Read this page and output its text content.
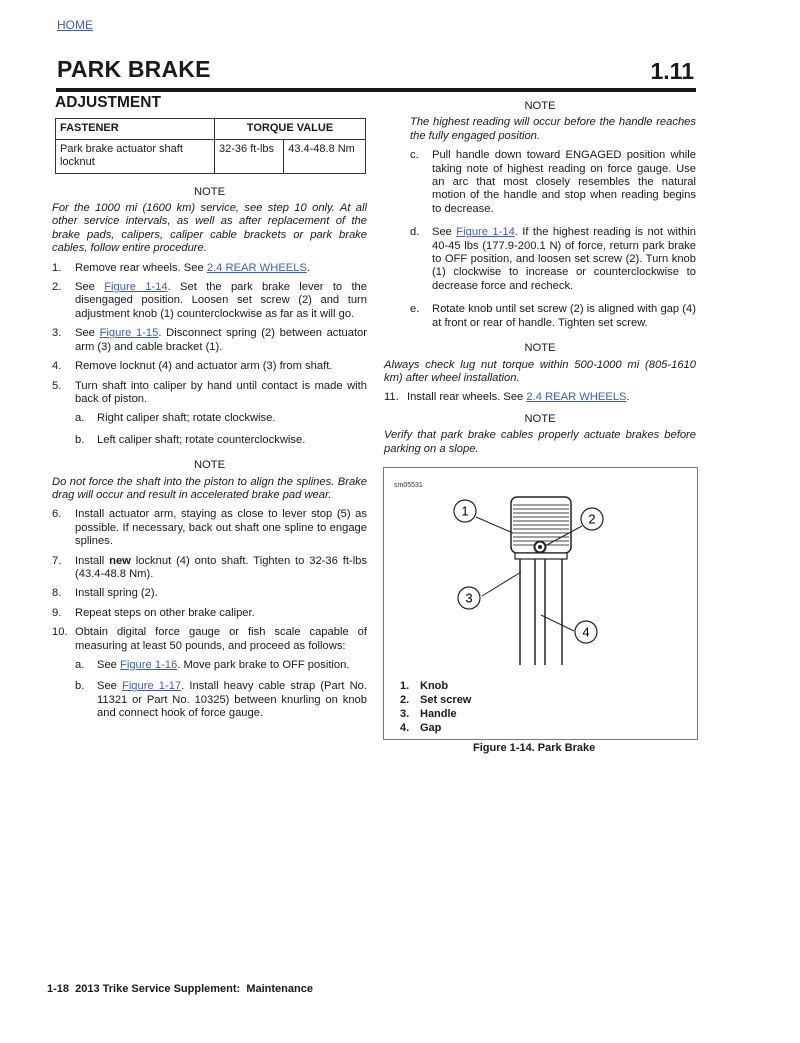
HOME
PARK BRAKE	1.11
ADJUSTMENT
FASTENER	TORQUE VALUE	
Park brake actuator shaft locknut	32-36 ft-lbs	43.4-48.8 Nm
NOTE
For the 1000 mi (1600 km) service, see step 10 only. At all other service intervals, as well as after replacement of the brake pads, calipers, caliper cable brackets or park brake cables, follow entire procedure.
1.	Remove rear wheels. See 2.4 REAR WHEELS.
2.	See Figure 1-14. Set the park brake lever to the disengaged position. Loosen set screw (2) and turn adjustment knob (1) counterclockwise as far as it will go.
3.	See Figure 1-15. Disconnect spring (2) between actuator arm (3) and cable bracket (1).
4.	Remove locknut (4) and actuator arm (3) from shaft.
5.	Turn shaft into caliper by hand until contact is made with back of piston.
a.	Right caliper shaft; rotate clockwise.
b.	Left caliper shaft; rotate counterclockwise.
NOTE
Do not force the shaft into the piston to align the splines. Brake drag will occur and result in accelerated brake pad wear.
6.	Install actuator arm, staying as close to lever stop (5) as possible. If necessary, back out shaft one spline to engage splines.
7.	Install new locknut (4) onto shaft. Tighten to 32-36 ft-lbs (43.4-48.8 Nm).
8.	Install spring (2).
9.	Repeat steps on other brake caliper.
10. Obtain digital force gauge or fish scale capable of measuring at least 50 pounds, and proceed as follows:
a.	See Figure 1-16. Move park brake to OFF position.
b.	See Figure 1-17. Install heavy cable strap (Part No. 11321 or Part No. 10325) between knurling on knob and connect hook of force gauge.
NOTE
The highest reading will occur before the handle reaches the fully engaged position.
c.	Pull handle down toward ENGAGED position while taking note of highest reading on force gauge. Use an arc that most closely resembles the natural motion of the handle and stop when reading begins to decrease.
d.	See Figure 1-14. If the highest reading is not within 40-45 lbs (177.9-200.1 N) of force, return park brake to OFF position, and loosen set screw (2). Turn knob (1) clockwise to increase or counterclockwise to decrease force and recheck.
e.	Rotate knob until set screw (2) is aligned with gap (4) at front or rear of handle. Tighten set screw.
NOTE
Always check lug nut torque within 500-1000 mi (805-1610 km) after wheel installation.
11. Install rear wheels. See 2.4 REAR WHEELS.
NOTE
Verify that park brake cables properly actuate brakes before parking on a slope.
sm05531
1
2
3
4
1. Knob
2. Set screw
3. Handle
4. Gap
Figure 1-14. Park Brake
1-18  2013 Trike Service Supplement:  Maintenance
